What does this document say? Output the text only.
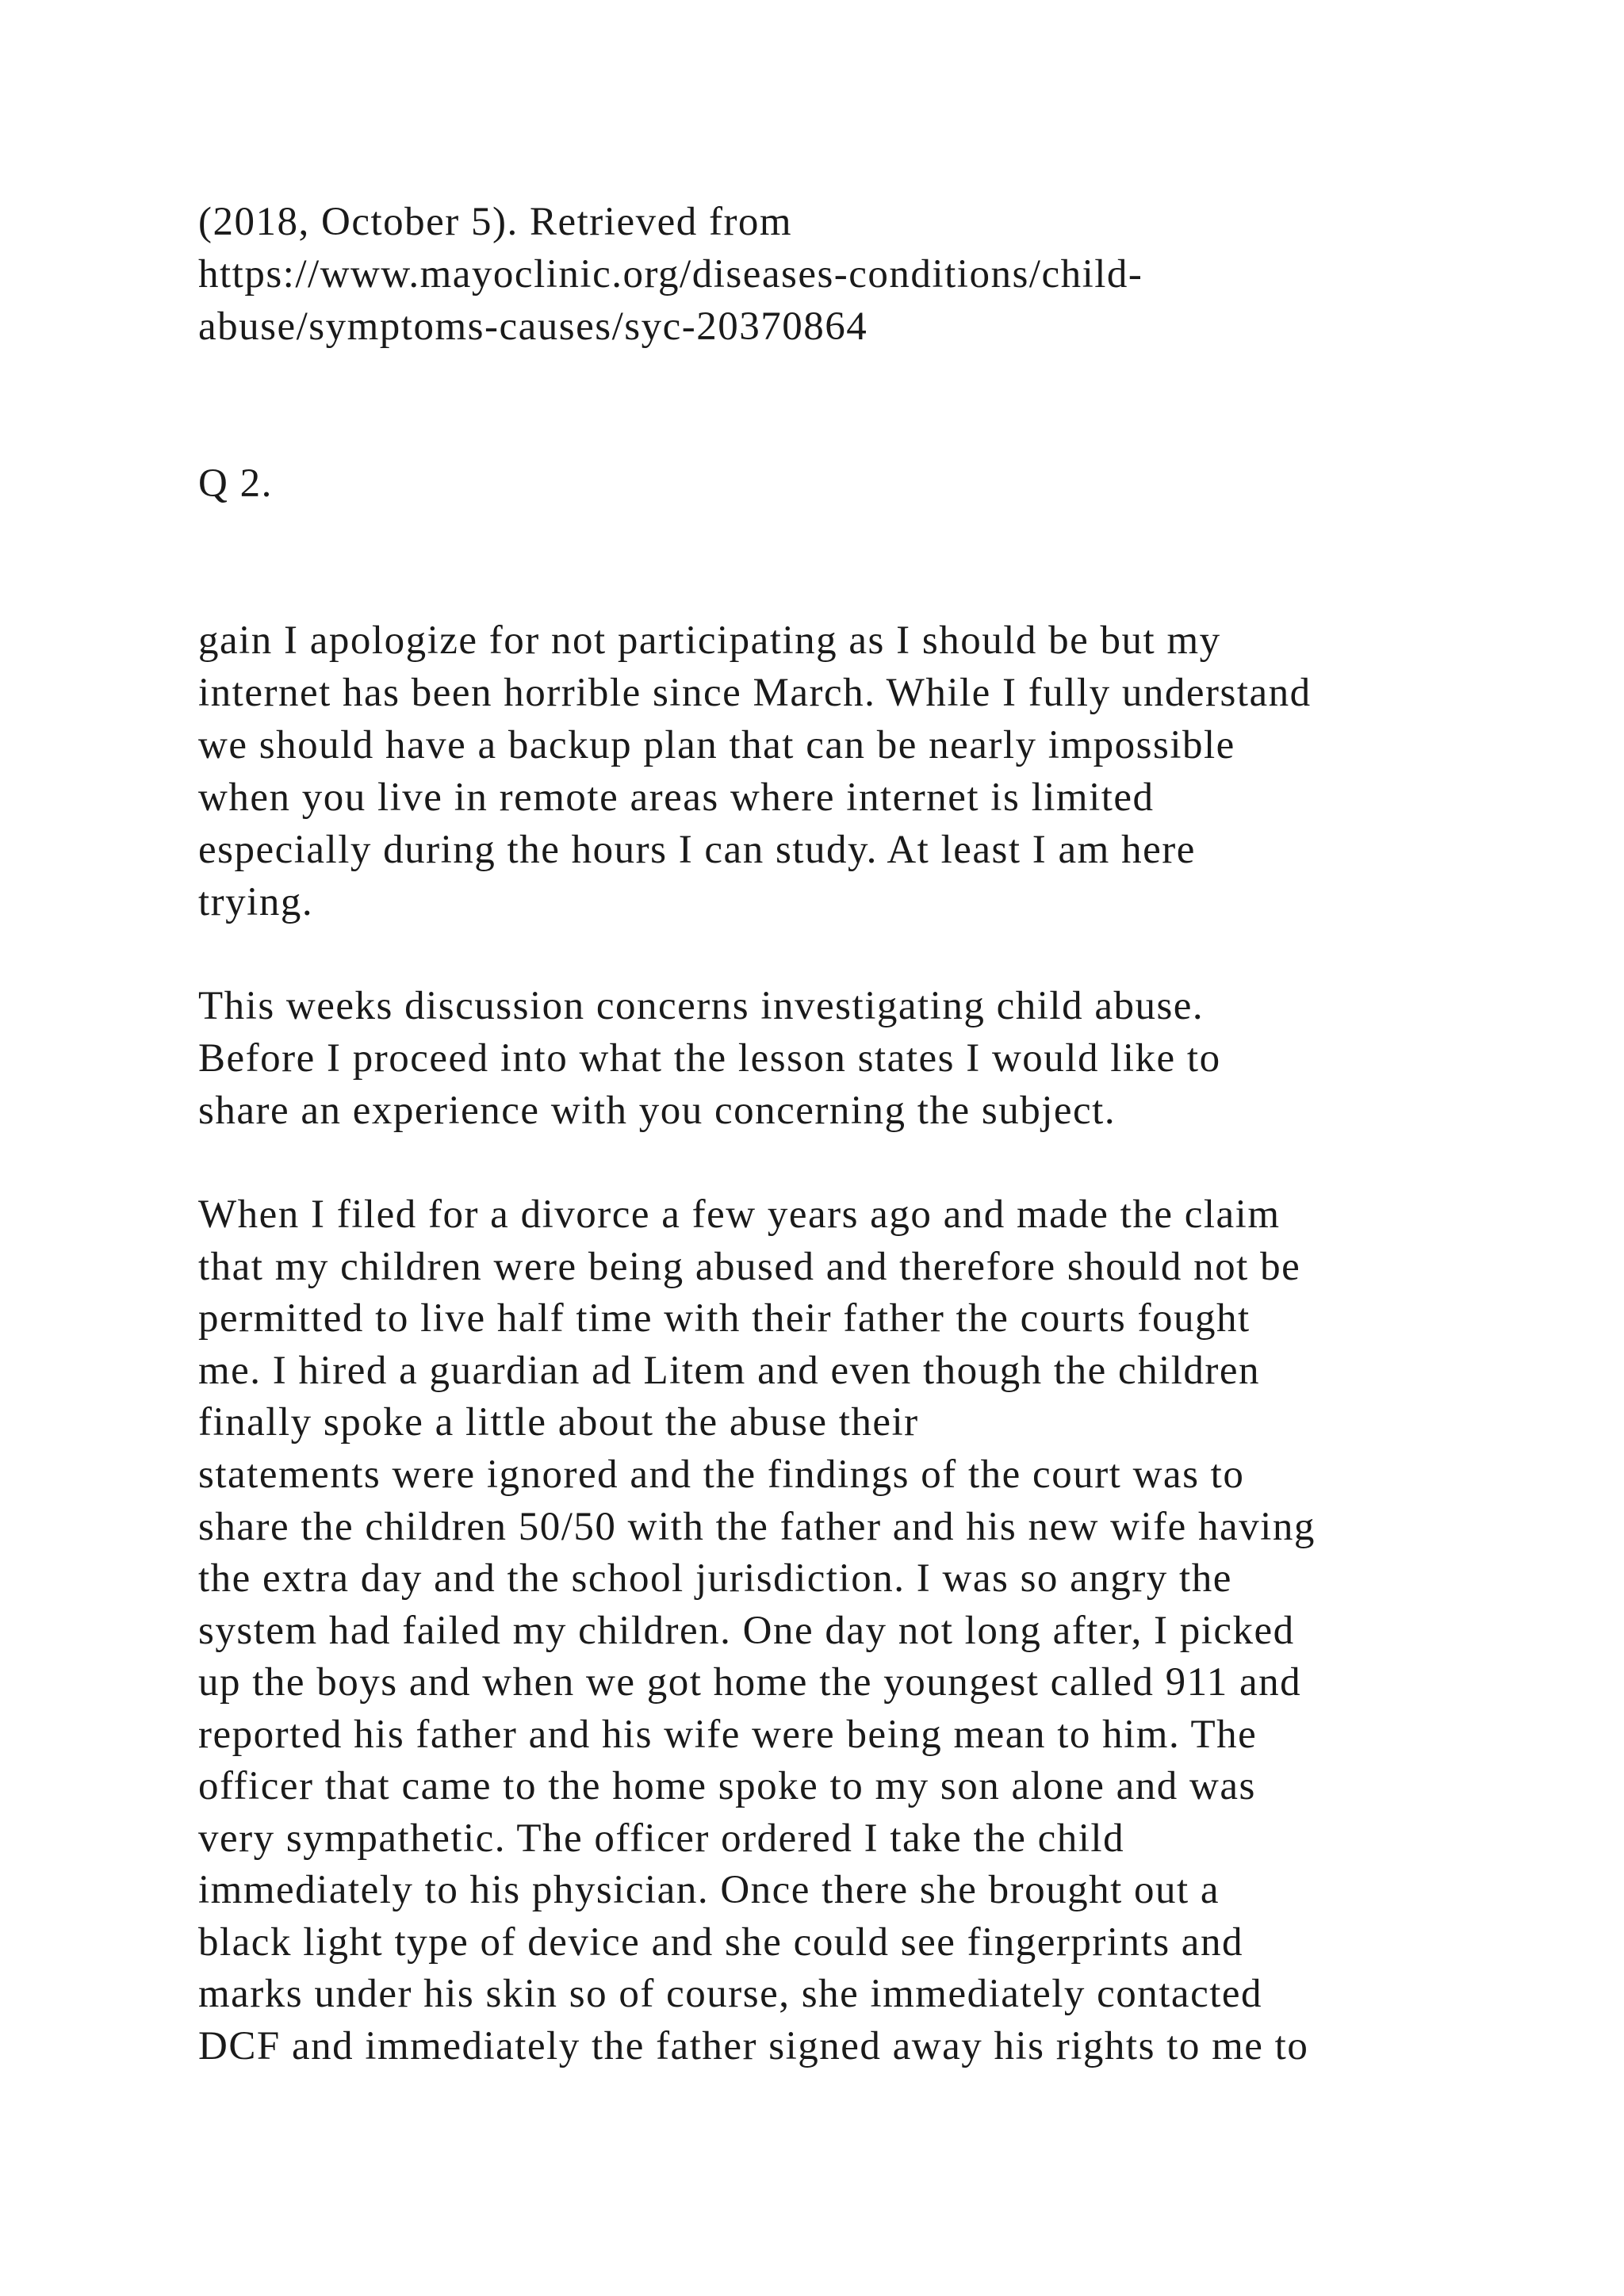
(2018, October 5). Retrieved from

https://www.mayoclinic.org/diseases-conditions/child-

abuse/symptoms-causes/syc-20370864

Q 2.

gain I apologize for not participating as I should be but my

internet has been horrible since March. While I fully understand

we should have a backup plan that can be nearly impossible

when you live in remote areas where internet is limited

especially during the hours I can study. At least I am here

trying.

This weeks discussion concerns investigating child abuse.

Before I proceed into what the lesson states I would like to

share an experience with you concerning the subject.

When I filed for a divorce a few years ago and made the claim

that my children were being abused and therefore should not be

permitted to live half time with their father the courts fought

me. I hired a guardian ad Litem and even though the children

finally spoke a little about the abuse their

statements were ignored and the findings of the court was to

share the children 50/50 with the father and his new wife having

the extra day and the school jurisdiction. I was so angry the

system had failed my children. One day not long after, I picked

up the boys and when we got home the youngest called 911 and

reported his father and his wife were being mean to him. The

officer that came to the home spoke to my son alone and was

very sympathetic. The officer ordered I take the child

immediately to his physician. Once there she brought out a

black light type of device and she could see fingerprints and

marks under his skin so of course, she immediately contacted

DCF and immediately the father signed away his rights to me to
